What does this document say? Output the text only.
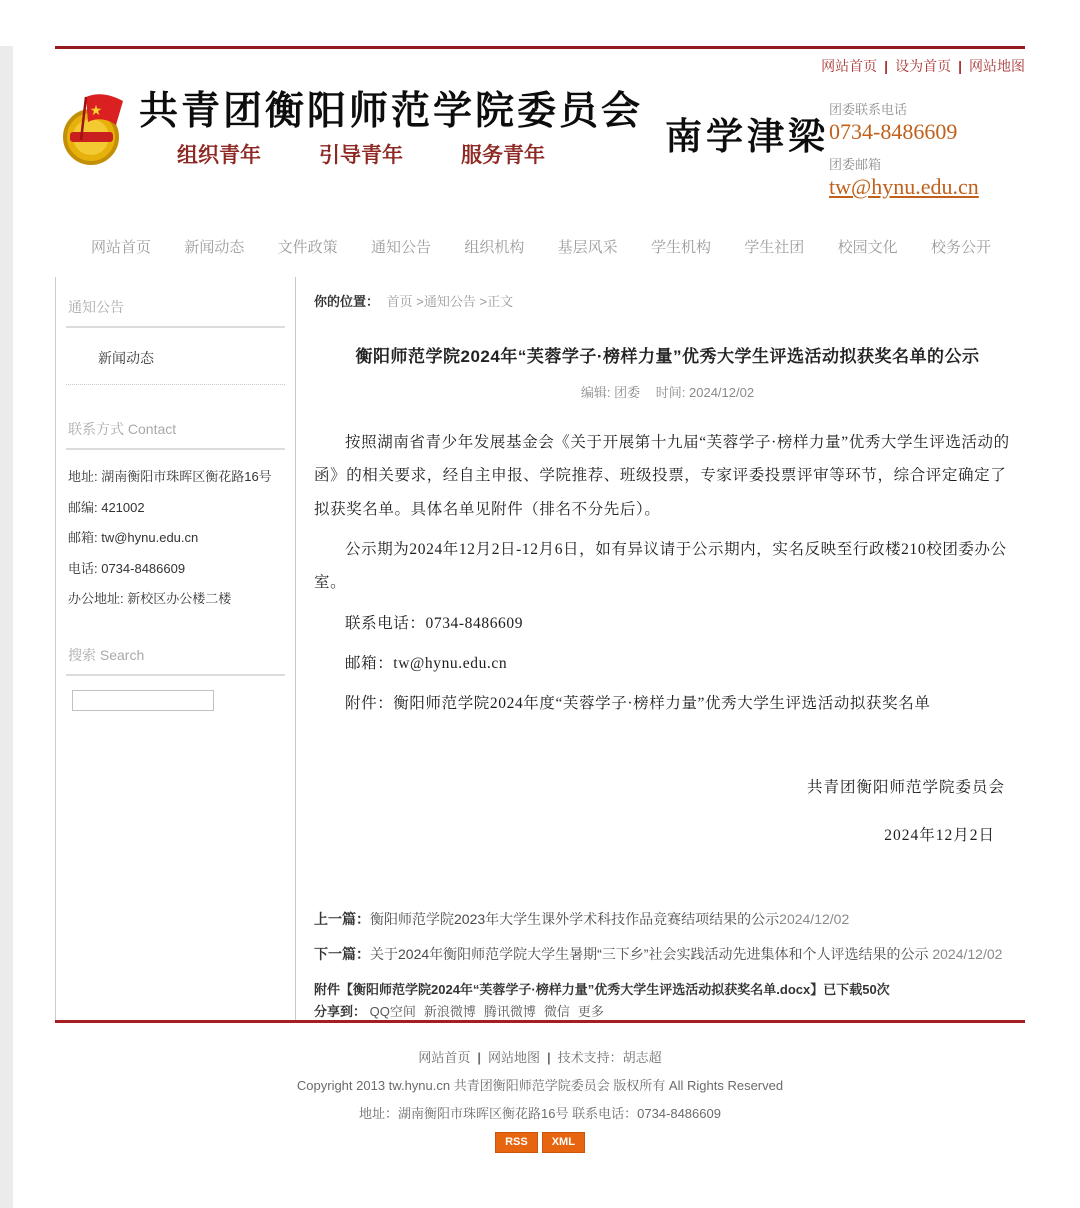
网站首页 | 设为首页 | 网站地图
★ 共青团衡阳师范学院委员会
组织青年	引导青年	服务青年	南学津梁
团委联系电话
0734-8486609
团委邮箱
tw@hynu.edu.cn
网站首页 新闻动态 文件政策 通知公告 组织机构 基层风采 学生机构 学生社团 校园文化 校务公开
通知公告
新闻动态
联系方式 Contact
地址: 湖南衡阳市珠晖区衡花路16号
邮编: 421002
邮箱: tw@hynu.edu.cn
电话: 0734-8486609
办公地址: 新校区办公楼二楼
搜索 Search
你的位置： 首页 >通知公告 >正文
衡阳师范学院2024年“芙蓉学子·榜样力量”优秀大学生评选活动拟获奖名单的公示
编辑: 团委 时间: 2024/12/02

按照湖南省青少年发展基金会《关于开展第十九届“芙蓉学子·榜样力量”优秀大学生评选活动的函》的相关要求，经自主申报、学院推荐、班级投票，专家评委投票评审等环节，综合评定确定了拟获奖名单。具体名单见附件（排名不分先后）。

公示期为2024年12月2日-12月6日，如有异议请于公示期内，实名反映至行政楼210校团委办公室。

联系电话：0734-8486609

邮箱：tw@hynu.edu.cn

附件：衡阳师范学院2024年度“芙蓉学子·榜样力量”优秀大学生评选活动拟获奖名单

共青团衡阳师范学院委员会
2024年12月2日
上一篇：衡阳师范学院2023年大学生课外学术科技作品竞赛结项结果的公示2024/12/02
下一篇：关于2024年衡阳师范学院大学生暑期“三下乡”社会实践活动先进集体和个人评选结果的公示 2024/12/02
附件【衡阳师范学院2024年“芙蓉学子·榜样力量”优秀大学生评选活动拟获奖名单.docx】已下载50次
分享到： QQ空间 新浪微博 腾讯微博 微信 更多
网站首页 | 网站地图 | 技术支持：胡志超
Copyright 2013 tw.hynu.cn 共青团衡阳师范学院委员会 版权所有 All Rights Reserved
地址：湖南衡阳市珠晖区衡花路16号 联系电话：0734-8486609
RSS XML
